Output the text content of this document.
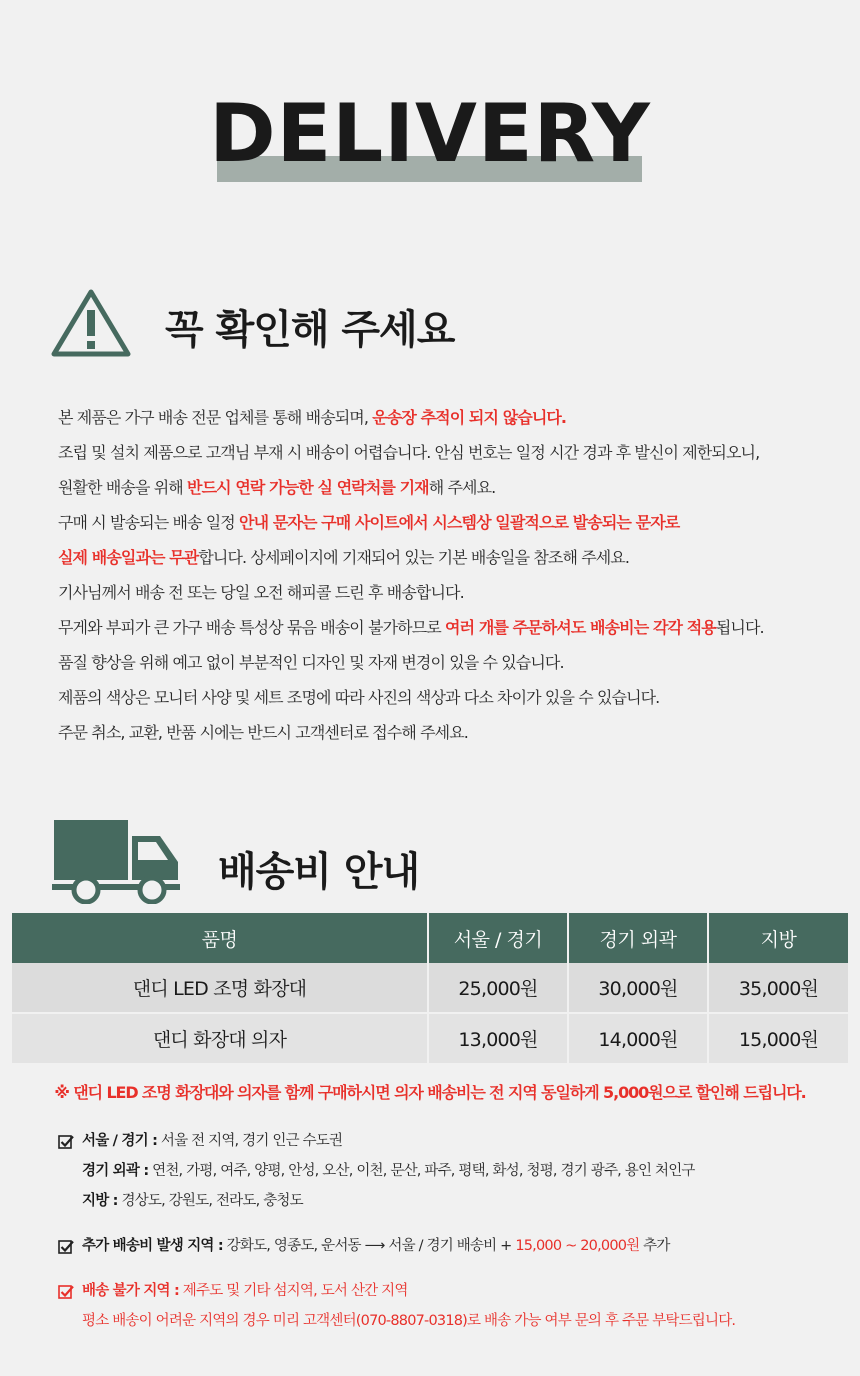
DELIVERY
꼭 확인해 주세요

본 제품은 가구 배송 전문 업체를 통해 배송되며, 운송장 추적이 되지 않습니다.

조립 및 설치 제품으로 고객님 부재 시 배송이 어렵습니다. 안심 번호는 일정 시간 경과 후 발신이 제한되오니,

원활한 배송을 위해 반드시 연락 가능한 실 연락처를 기재해 주세요.

구매 시 발송되는 배송 일정 안내 문자는 구매 사이트에서 시스템상 일괄적으로 발송되는 문자로

실제 배송일과는 무관합니다. 상세페이지에 기재되어 있는 기본 배송일을 참조해 주세요.

기사님께서 배송 전 또는 당일 오전 해피콜 드린 후 배송합니다.

무게와 부피가 큰 가구 배송 특성상 묶음 배송이 불가하므로 여러 개를 주문하셔도 배송비는 각각 적용됩니다.

품질 향상을 위해 예고 없이 부분적인 디자인 및 자재 변경이 있을 수 있습니다.

제품의 색상은 모니터 사양 및 세트 조명에 따라 사진의 색상과 다소 차이가 있을 수 있습니다.

주문 취소, 교환, 반품 시에는 반드시 고객센터로 접수해 주세요.

배송비 안내
품명	서울 / 경기	경기 외곽	지방
댄디 LED 조명 화장대	25,000원	30,000원	35,000원
댄디 화장대 의자	13,000원	14,000원	15,000원
※ 댄디 LED 조명 화장대와 의자를 함께 구매하시면 의자 배송비는 전 지역 동일하게 5,000원으로 할인해 드립니다.
서울 / 경기 : 서울 전 지역, 경기 인근 수도권
경기 외곽 : 연천, 가평, 여주, 양평, 안성, 오산, 이천, 문산, 파주, 평택, 화성, 청평, 경기 광주, 용인 처인구
지방 : 경상도, 강원도, 전라도, 충청도
추가 배송비 발생 지역 : 강화도, 영종도, 운서동 ⟶ 서울 / 경기 배송비 + 15,000 ~ 20,000원 추가
배송 불가 지역 : 제주도 및 기타 섬지역, 도서 산간 지역
평소 배송이 어려운 지역의 경우 미리 고객센터(070-8807-0318)로 배송 가능 여부 문의 후 주문 부탁드립니다.
